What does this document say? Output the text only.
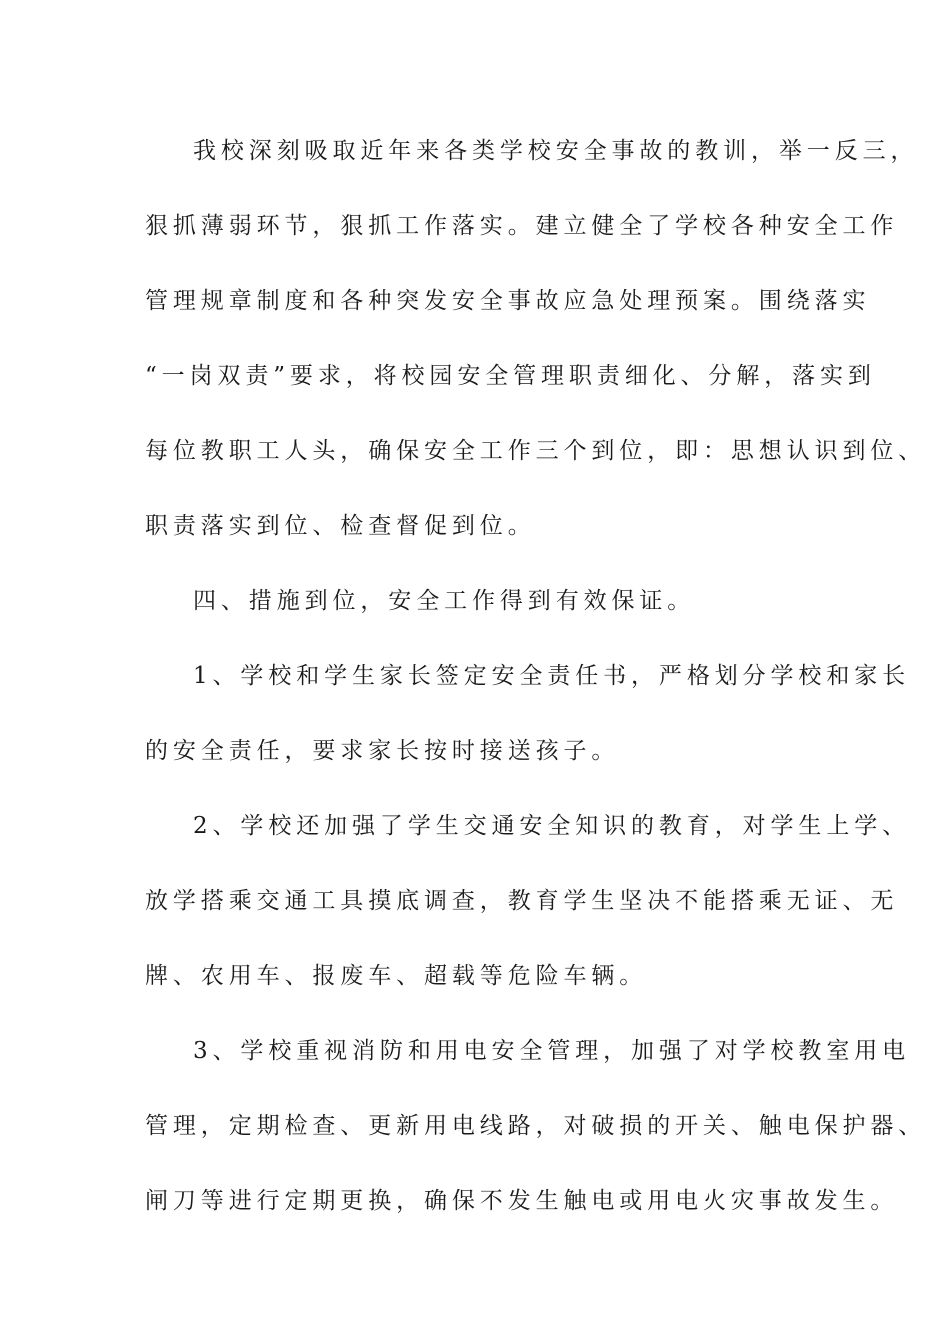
我校深刻吸取近年来各类学校安全事故的教训，举一反三，
狠抓薄弱环节，狠抓工作落实。建立健全了学校各种安全工作
管理规章制度和各种突发安全事故应急处理预案。围绕落实
“一岗双责”要求，将校园安全管理职责细化、分解，落实到
每位教职工人头，确保安全工作三个到位，即：思想认识到位、
职责落实到位、检查督促到位。
四、措施到位，安全工作得到有效保证。
1、学校和学生家长签定安全责任书，严格划分学校和家长
的安全责任，要求家长按时接送孩子。
2、学校还加强了学生交通安全知识的教育，对学生上学、
放学搭乘交通工具摸底调查，教育学生坚决不能搭乘无证、无
牌、农用车、报废车、超载等危险车辆。
3、学校重视消防和用电安全管理，加强了对学校教室用电
管理，定期检查、更新用电线路，对破损的开关、触电保护器、
闸刀等进行定期更换，确保不发生触电或用电火灾事故发生。
